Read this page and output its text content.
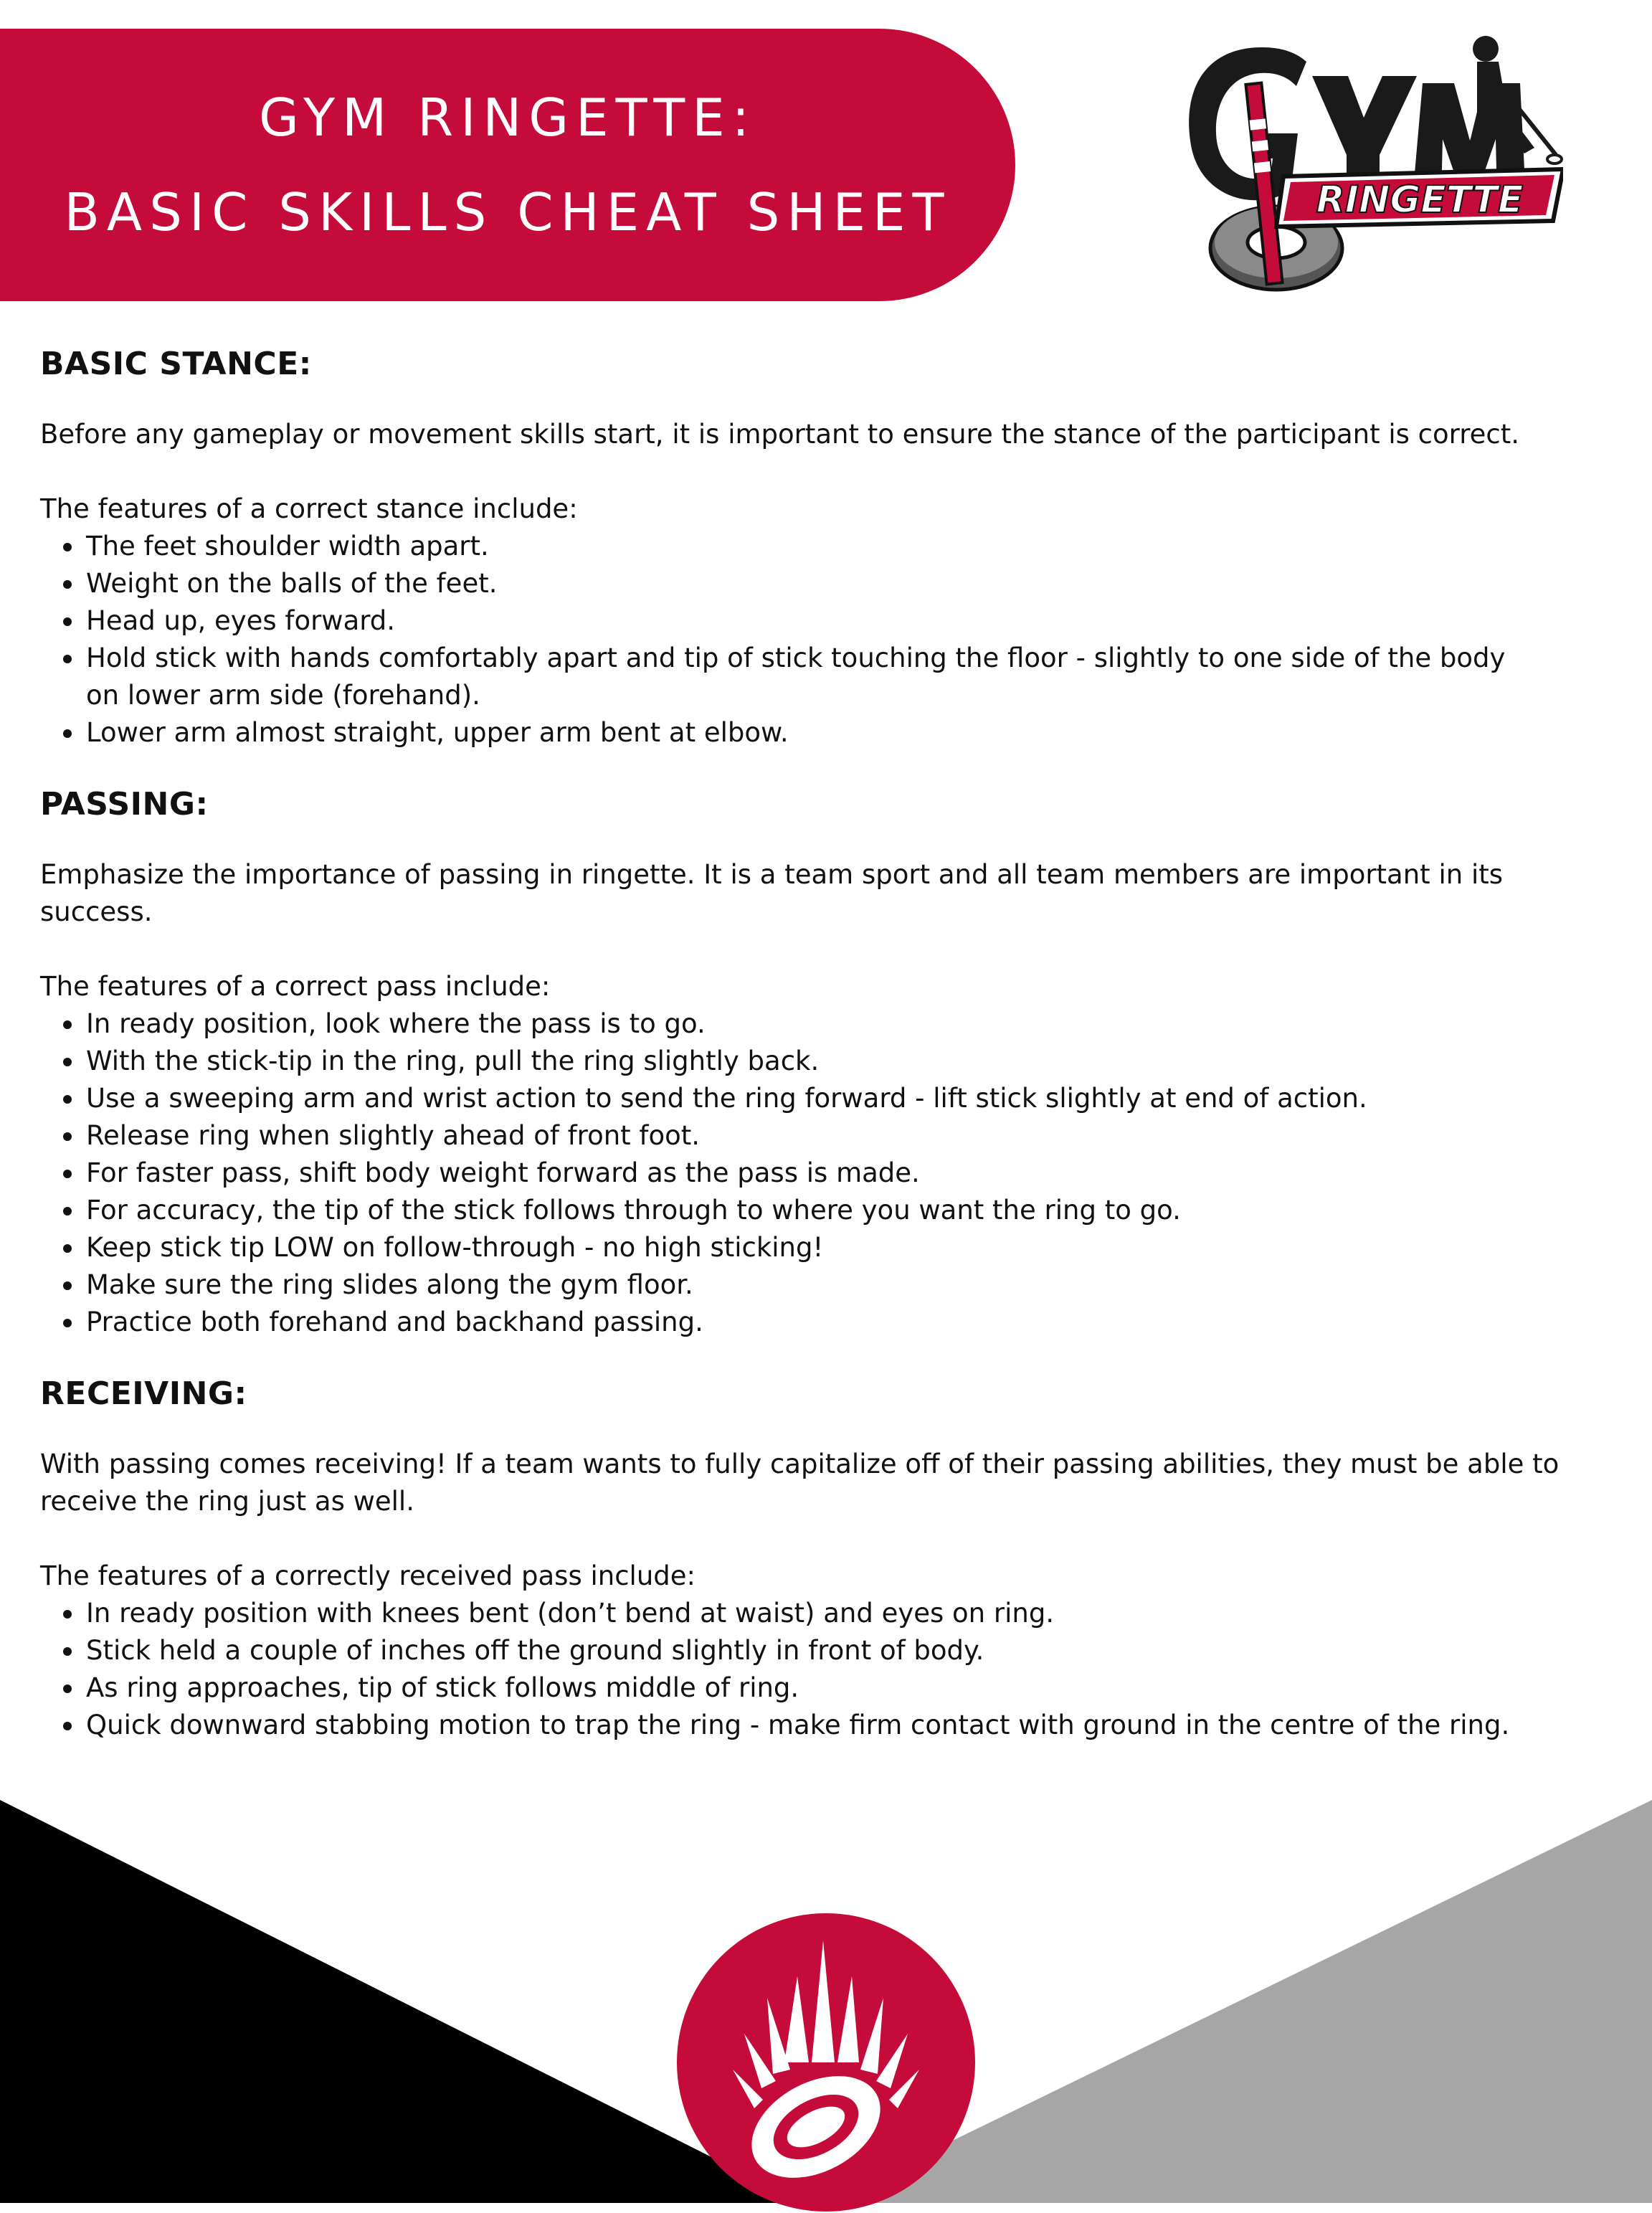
GYM RINGETTE:
BASIC SKILLS CHEAT SHEET	RINGETTE
BASIC STANCE:

Before any gameplay or movement skills start, it is important to ensure the stance of the participant is correct.

The features of a correct stance include:

The feet shoulder width apart.
Weight on the balls of the feet.
Head up, eyes forward.
Hold stick with hands comfortably apart and tip of stick touching the floor - slightly to one side of the body on lower arm side (forehand).
Lower arm almost straight, upper arm bent at elbow.
PASSING:

Emphasize the importance of passing in ringette. It is a team sport and all team members are important in its success.

The features of a correct pass include:

In ready position, look where the pass is to go.
With the stick-tip in the ring, pull the ring slightly back.
Use a sweeping arm and wrist action to send the ring forward - lift stick slightly at end of action.
Release ring when slightly ahead of front foot.
For faster pass, shift body weight forward as the pass is made.
For accuracy, the tip of the stick follows through to where you want the ring to go.
Keep stick tip LOW on follow-through - no high sticking!
Make sure the ring slides along the gym floor.
Practice both forehand and backhand passing.
RECEIVING:

With passing comes receiving! If a team wants to fully capitalize off of their passing abilities, they must be able to receive the ring just as well.

The features of a correctly received pass include:

In ready position with knees bent (don’t bend at waist) and eyes on ring.
Stick held a couple of inches off the ground slightly in front of body.
As ring approaches, tip of stick follows middle of ring.
Quick downward stabbing motion to trap the ring - make firm contact with ground in the centre of the ring.
